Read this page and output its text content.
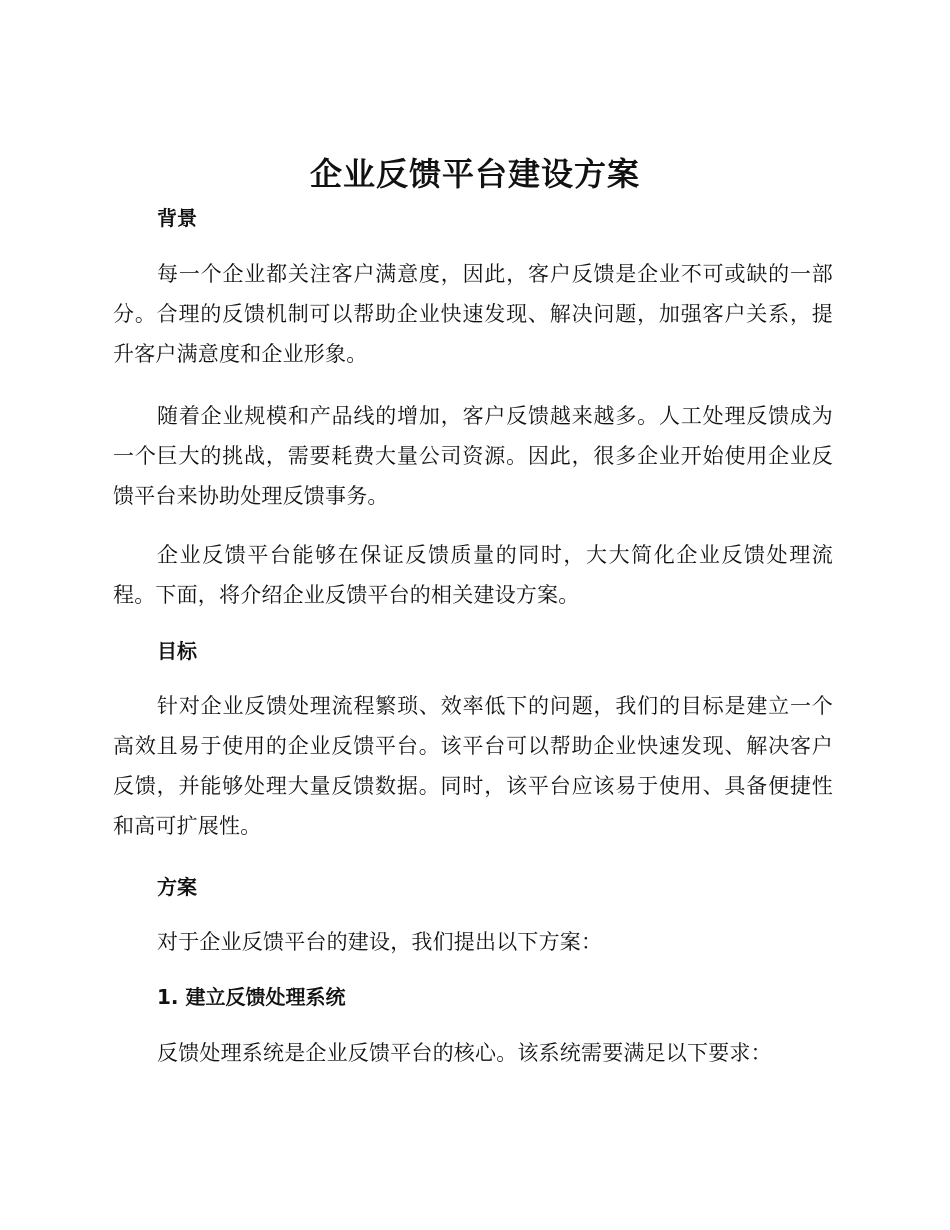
企业反馈平台建设方案
背景

每一个企业都关注客户满意度，因此，客户反馈是企业不可或缺的一部分。合理的反馈机制可以帮助企业快速发现、解决问题，加强客户关系，提升客户满意度和企业形象。

随着企业规模和产品线的增加，客户反馈越来越多。人工处理反馈成为一个巨大的挑战，需要耗费大量公司资源。因此，很多企业开始使用企业反馈平台来协助处理反馈事务。

企业反馈平台能够在保证反馈质量的同时，大大简化企业反馈处理流程。下面，将介绍企业反馈平台的相关建设方案。

目标

针对企业反馈处理流程繁琐、效率低下的问题，我们的目标是建立一个高效且易于使用的企业反馈平台。该平台可以帮助企业快速发现、解决客户反馈，并能够处理大量反馈数据。同时，该平台应该易于使用、具备便捷性和高可扩展性。

方案

对于企业反馈平台的建设，我们提出以下方案：

1. 建立反馈处理系统

反馈处理系统是企业反馈平台的核心。该系统需要满足以下要求：
